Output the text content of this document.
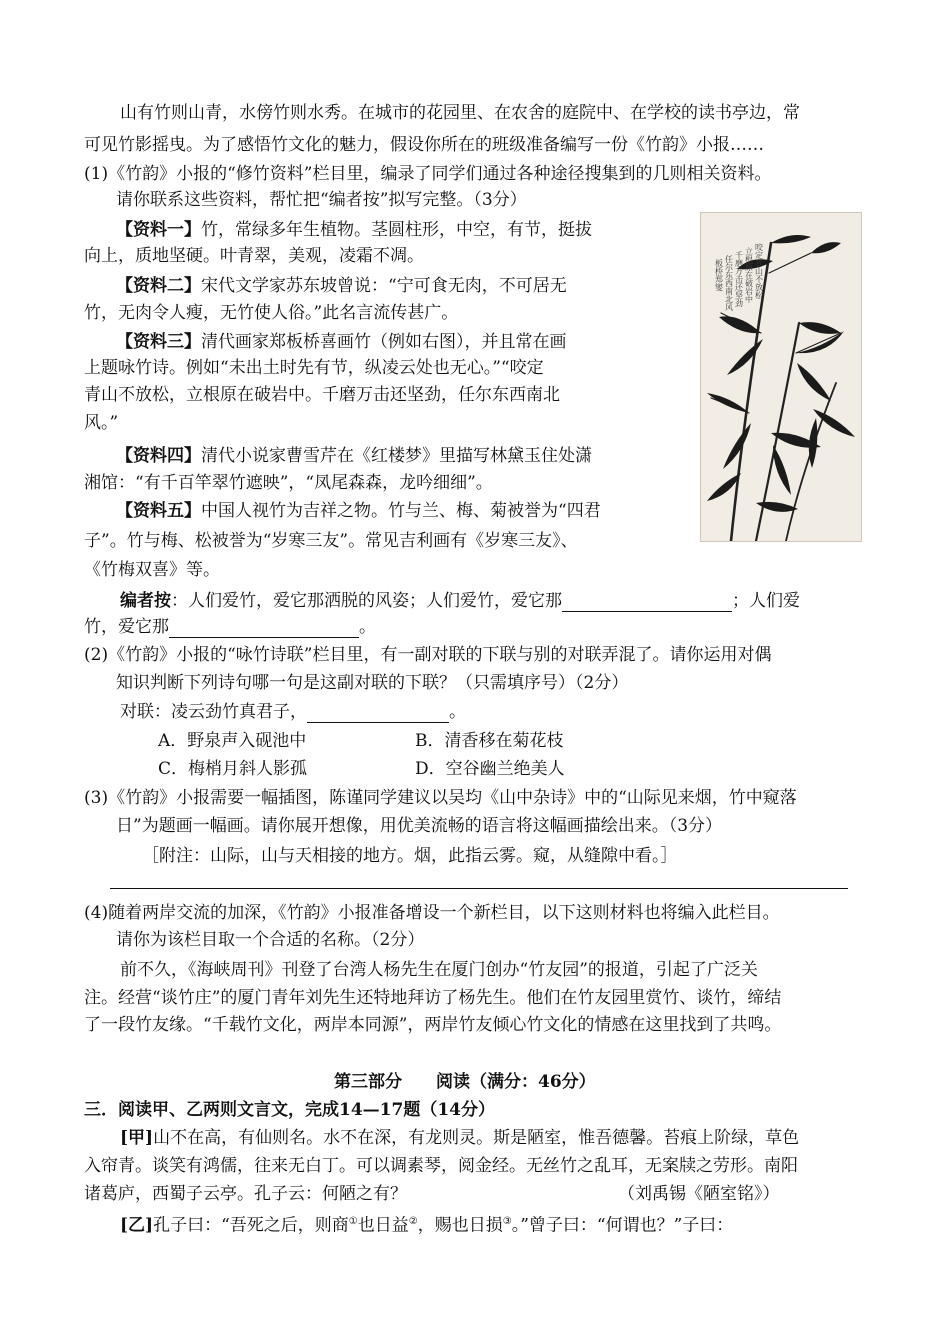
山有竹则山青，水傍竹则水秀。在城市的花园里、在农舍的庭院中、在学校的读书亭边，常
可见竹影摇曳。为了感悟竹文化的魅力，假设你所在的班级准备编写一份《竹韵》小报……
(1)《竹韵》小报的“修竹资料”栏目里，编录了同学们通过各种途径搜集到的几则相关资料。
请你联系这些资料，帮忙把“编者按”拟写完整。（3分）
【资料一】竹，常绿多年生植物。茎圆柱形，中空，有节，挺拔
向上，质地坚硬。叶青翠，美观，凌霜不凋。
【资料二】宋代文学家苏东坡曾说：“宁可食无肉，不可居无
竹，无肉令人瘦，无竹使人俗。”此名言流传甚广。
【资料三】清代画家郑板桥喜画竹（例如右图），并且常在画
上题咏竹诗。例如“未出土时先有节，纵凌云处也无心。”“咬定
青山不放松，立根原在破岩中。千磨万击还坚劲，任尔东西南北
风。”
【资料四】清代小说家曹雪芹在《红楼梦》里描写林黛玉住处潇
湘馆：“有千百竿翠竹遮映”，“凤尾森森，龙吟细细”。
【资料五】中国人视竹为吉祥之物。竹与兰、梅、菊被誉为“四君
子”。竹与梅、松被誉为“岁寒三友”。常见吉利画有《岁寒三友》、
《竹梅双喜》等。
咬定青山不放松
立根原在破岩中
千磨万击还坚劲
任尔东西南北风
板桥郑燮
编者按：人们爱竹，爱它那洒脱的风姿；人们爱竹，爱它那	；人们爱
竹，爱它那	。
(2)《竹韵》小报的“咏竹诗联”栏目里，有一副对联的下联与别的对联弄混了。请你运用对偶
知识判断下列诗句哪一句是这副对联的下联？（只需填序号）（2分）
对联：凌云劲竹真君子，	。
A．野泉声入砚池中	B．清香移在菊花枝
C．梅梢月斜人影孤	D．空谷幽兰绝美人
(3)《竹韵》小报需要一幅插图，陈谨同学建议以吴均《山中杂诗》中的“山际见来烟，竹中窥落
日”为题画一幅画。请你展开想像，用优美流畅的语言将这幅画描绘出来。（3分）
［附注：山际，山与天相接的地方。烟，此指云雾。窥，从缝隙中看。］
(4)随着两岸交流的加深，《竹韵》小报准备增设一个新栏目，以下这则材料也将编入此栏目。
请你为该栏目取一个合适的名称。（2分）
前不久，《海峡周刊》刊登了台湾人杨先生在厦门创办“竹友园”的报道，引起了广泛关
注。经营“谈竹庄”的厦门青年刘先生还特地拜访了杨先生。他们在竹友园里赏竹、谈竹，缔结
了一段竹友缘。“千载竹文化，两岸本同源”，两岸竹友倾心竹文化的情感在这里找到了共鸣。
第三部分　　阅读（满分：46分）
三．阅读甲、乙两则文言文，完成14—17题（14分）
[甲]山不在高，有仙则名。水不在深，有龙则灵。斯是陋室，惟吾德馨。苔痕上阶绿，草色
入帘青。谈笑有鸿儒，往来无白丁。可以调素琴，阅金经。无丝竹之乱耳，无案牍之劳形。南阳
诸葛庐，西蜀子云亭。孔子云：何陋之有？	（刘禹锡《陋室铭》）
[乙]孔子曰：“吾死之后，则商①也日益②，赐也日损③。”曾子曰：“何谓也？”子曰：
